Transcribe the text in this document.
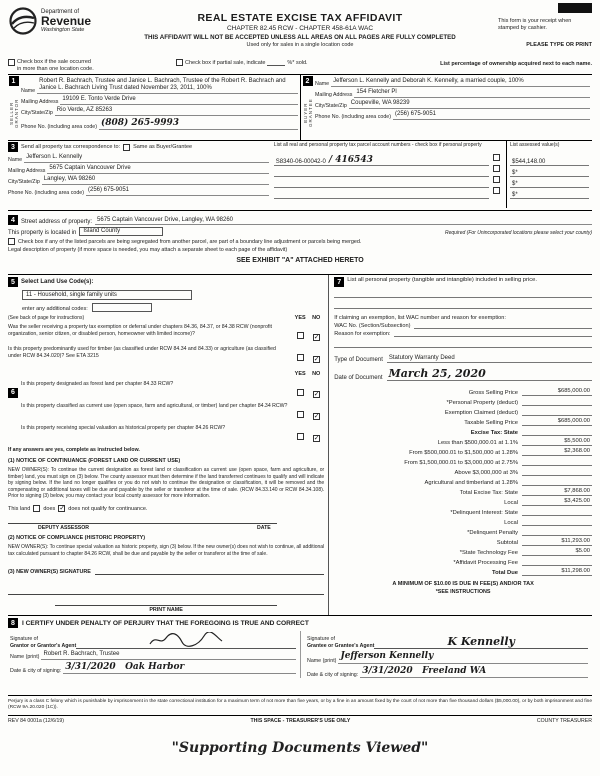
Department of
Revenue
Washington State
REAL ESTATE EXCISE TAX AFFIDAVIT
CHAPTER 82.45 RCW - CHAPTER 458-61A WAC
This form is your receipt when stamped by cashier.
THIS AFFIDAVIT WILL NOT BE ACCEPTED UNLESS ALL AREAS ON ALL PAGES ARE FULLY COMPLETED
Used only for sales in a single location code	PLEASE TYPE OR PRINT
Check box if the sale occurred
in more than one location code.
Check box if partial sale, indicate	%* sold.	List percentage of ownership acquired next to each name.
1
SELLER GRANTOR
Name
Robert R. Bachrach, Trustee and Janice L. Bachrach, Trustee of the Robert R. Bachrach and Janice L. Bachrach Living Trust dated November 23, 2011, 100%
Mailing Address 19109 E. Tonto Verde Drive
City/State/Zip Rio Verde, AZ 85263
Phone No. (including area code) (808) 265-9993
2
BUYER GRANTEE
Name Jefferson L. Kennelly and Deborah K. Kennelly, a married couple, 100%
Mailing Address 154 Fletcher Pl
City/State/Zip Coupeville, WA 98239
Phone No. (including area code) (256) 675-9051
3	Send all property tax correspondence to: Same as Buyer/Grantee
Name Jefferson L. Kennelly
Mailing Address 5675 Captain Vancouver Drive
City/State/Zip Langley, WA 98260
Phone No. (including area code) (256) 675-9051
List all real and personal property tax parcel account numbers - check box if personal property
S8340-06-00042-0 / 416543
List assessed value(s)
$544,148.00
$*
$*
$*
4	Street address of property: 5675 Captain Vancouver Drive, Langley, WA 98260
This property is located in	Island County	Required (For Unincorporated locations please select your county)
Check box if any of the listed parcels are being segregated from another parcel, are part of a boundary line adjustment or parcels being merged.
Legal description of property (if more space is needed, you may attach a separate sheet to each page of the affidavit)
SEE EXHIBIT "A" ATTACHED HERETO
5	Select Land Use Code(s):
11 - Household, single family units
enter any additional codes:
(See back of page for instructions)	YES	NO
Was the seller receiving a property tax exemption or deferral under chapters 84.36, 84.37, or 84.38 RCW (nonprofit organization, senior citizen, or disabled person, homeowner with limited income)?
✓
Is this property predominantly used for timber (as classified under RCW 84.34 and 84.33) or agriculture (as classified under RCW 84.34.020)? See ETA 3215
✓
YES	NO
6
Is this property designated as forest land per chapter 84.33 RCW?
✓
Is this property classified as current use (open space, farm and agricultural, or timber) land per chapter 84.34 RCW?
✓
Is this property receiving special valuation as historical property per chapter 84.26 RCW?
✓
If any answers are yes, complete as instructed below.
(1) NOTICE OF CONTINUANCE (FOREST LAND OR CURRENT USE)
NEW OWNER(S): To continue the current designation as forest land or classification as current use (open space, farm and agriculture, or timber) land, you must sign on (3) below. The county assessor must then determine if the land transferred continues to qualify and will indicate by signing below. If the land no longer qualifies or you do not wish to continue the designation or classification, it will be removed and the compensating or additional taxes will be due and payable by the seller or transferor at the time of sale. (RCW 84.33.140 or RCW 84.34.108). Prior to signing (3) below, you may contact your local county assessor for more information.
This land does ✓ does not qualify for continuance.
DEPUTY ASSESSOR	DATE
(2) NOTICE OF COMPLIANCE (HISTORIC PROPERTY)
NEW OWNER(S): To continue special valuation as historic property, sign (3) below. If the new owner(s) does not wish to continue, all additional tax calculated pursuant to chapter 84.26 RCW, shall be due and payable by the seller or transferor at the time of sale.
(3) NEW OWNER(S) SIGNATURE
PRINT NAME
7	List all personal property (tangible and intangible) included in selling price.
If claiming an exemption, list WAC number and reason for exemption:
WAC No. (Section/Subsection)
Reason for exemption:
Type of Document	Statutory Warranty Deed
Date of Document March 25, 2020
Gross Selling Price	$685,000.00
*Personal Property (deduct)
Exemption Claimed (deduct)
Taxable Selling Price	$685,000.00
Excise Tax: State
Less than $500,000.01 at 1.1%	$5,500.00
From $500,000.01 to $1,500,000 at 1.28%	$2,368.00
From $1,500,000.01 to $3,000,000 at 2.75%
Above $3,000,000 at 3%
Agricultural and timberland at 1.28%
Total Excise Tax: State	$7,868.00
Local	$3,425.00
*Delinquent Interest: State
Local
*Delinquent Penalty
Subtotal	$11,293.00
*State Technology Fee	$5.00
*Affidavit Processing Fee
Total Due	$11,298.00
A MINIMUM OF $10.00 IS DUE IN FEE(S) AND/OR TAX
*SEE INSTRUCTIONS
8	I CERTIFY UNDER PENALTY OF PERJURY THAT THE FOREGOING IS TRUE AND CORRECT
Signature of
Grantor or Grantor's Agent
Name (print) Robert R. Bachrach, Trustee
Date & city of signing: 3/31/2020 Oak Harbor
Signature of
Grantee or Grantee's Agent	K Kennelly
Name (print) Jefferson Kennelly
Date & city of signing: 3/31/2020 Freeland WA
Perjury is a class C felony which is punishable by imprisonment in the state correctional institution for a maximum term of not more than five years, or by a fine in an amount fixed by the court of not more than five thousand dollars ($5,000.00), or by both imprisonment and fine (RCW 9A.20.020 (1C)).
REV 84 0001a (12/6/19)	THIS SPACE - TREASURER'S USE ONLY	COUNTY TREASURER
"Supporting Documents Viewed"
